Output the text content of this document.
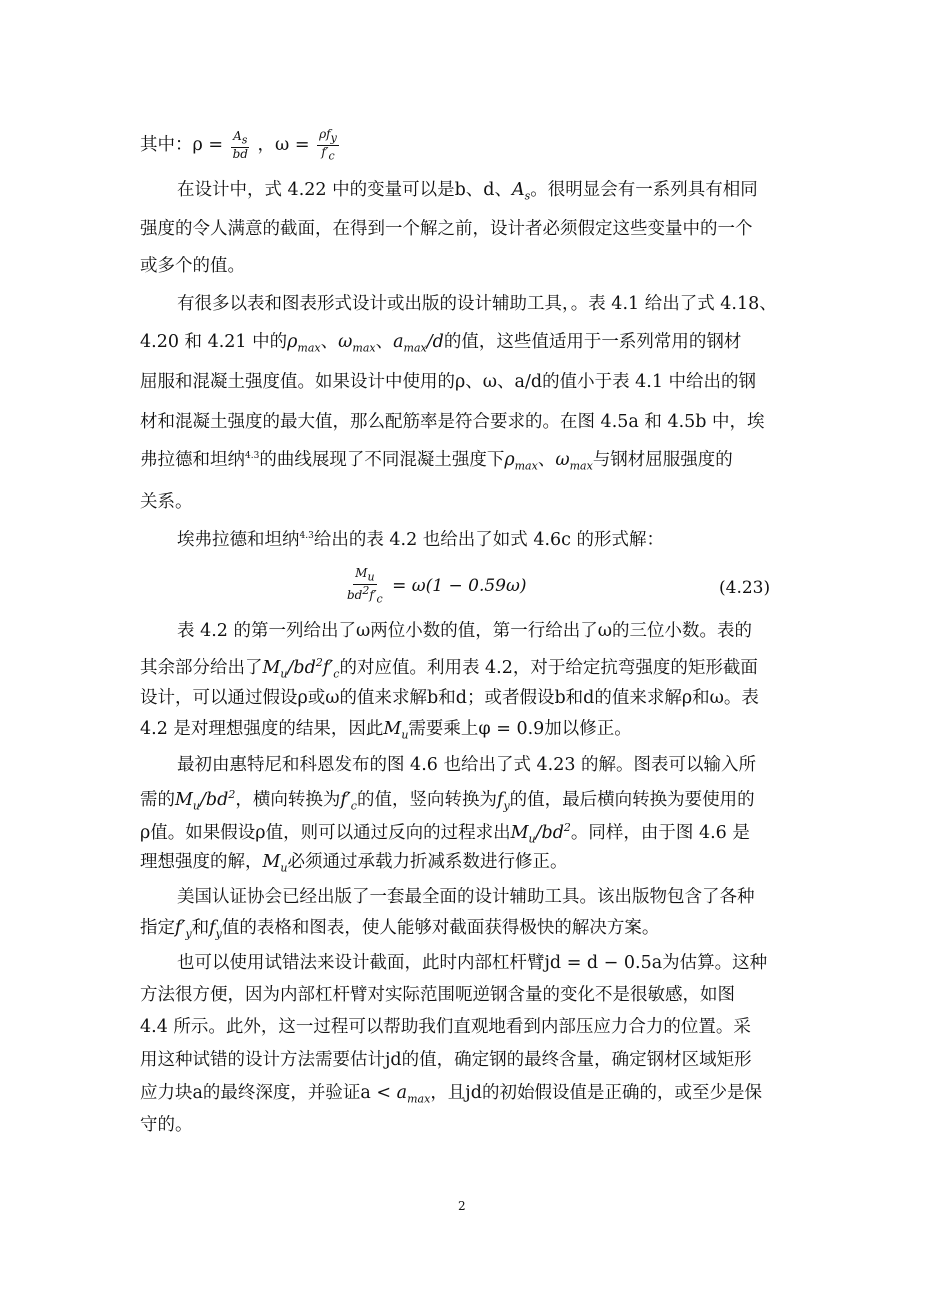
其中：$\rho = \frac{A_s}{bd}$ ，$\omega = \frac{\rho f_y}{f'_c}$
在设计中，式 4.22 中的变量可以是b、d、$A_s$。很明显会有一系列具有相同
强度的令人满意的截面，在得到一个解之前，设计者必须假定这些变量中的一个
或多个的值。
有很多以表和图表形式设计或出版的设计辅助工具，。表 4.1 给出了式 4.18、
4.20 和 4.21 中的$\rho_{max}$、$\omega_{max}$、$a_{max}/d$的值，这些值适用于一系列常用的钢材
屈服和混凝土强度值。如果设计中使用的ρ、ω、a/d的值小于表 4.1 中给出的钢
材和混凝土强度的最大值，那么配筋率是符合要求的。在图 4.5a 和 4.5b 中，埃
弗拉德和坦纳$^{4.3}$的曲线展现了不同混凝土强度下$\rho_{max}$、$\omega_{max}$与钢材屈服强度的
关系。
埃弗拉德和坦纳$^{4.3}$给出的表 4.2 也给出了如式 4.6c 的形式解：
$\frac{M_u}{bd^2f'_c} = \omega(1 - 0.59\omega)$	(4.23)
表 4.2 的第一列给出了ω两位小数的值，第一行给出了ω的三位小数。表的
其余部分给出了$M_u/bd^2f'_c$的对应值。利用表 4.2，对于给定抗弯强度的矩形截面
设计，可以通过假设ρ或ω的值来求解b和d；或者假设b和d的值来求解ρ和ω。表
4.2 是对理想强度的结果，因此$M_u$需要乘上φ = 0.9加以修正。
最初由惠特尼和科恩发布的图 4.6 也给出了式 4.23 的解。图表可以输入所
需的$M_u/bd^2$，横向转换为$f'_c$的值，竖向转换为$f_y$的值，最后横向转换为要使用的
ρ值。如果假设ρ值，则可以通过反向的过程求出$M_u/bd^2$。同样，由于图 4.6 是
理想强度的解，$M_u$必须通过承载力折减系数进行修正。
美国认证协会已经出版了一套最全面的设计辅助工具。该出版物包含了各种
指定$f'_y$和$f_y$值的表格和图表，使人能够对截面获得极快的解决方案。
也可以使用试错法来设计截面，此时内部杠杆臂jd = d − 0.5a为估算。这种
方法很方便，因为内部杠杆臂对实际范围呃逆钢含量的变化不是很敏感，如图
4.4 所示。此外，这一过程可以帮助我们直观地看到内部压应力合力的位置。采
用这种试错的设计方法需要估计jd的值，确定钢的最终含量，确定钢材区域矩形
应力块a的最终深度，并验证$a < a_{max}$，且jd的初始假设值是正确的，或至少是保
守的。
2
